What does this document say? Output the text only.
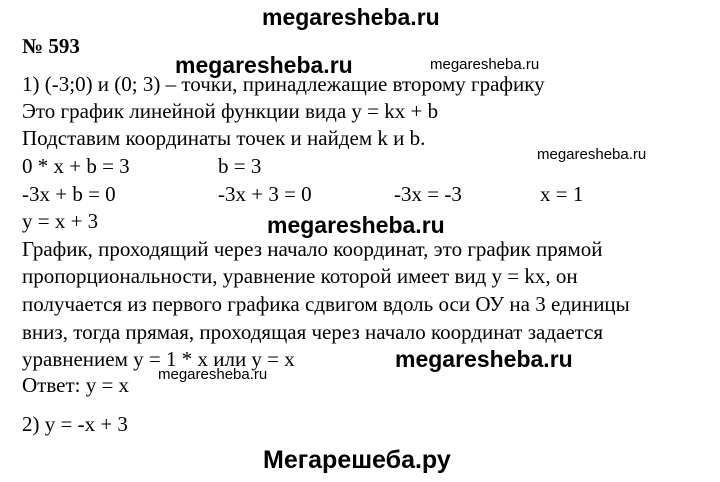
megaresheba.ru
№ 593
megaresheba.ru	megaresheba.ru
1) (-3;0) и (0; 3) – точки, принадлежащие второму графику
Это график линейной функции вида y = kx + b
Подставим координаты точек и найдем k и b.
megaresheba.ru
0 * x + b = 3	b = 3
-3x + b = 0	-3x + 3 = 0	-3x = -3	x = 1
y = x + 3	megaresheba.ru
График, проходящий через начало координат, это график прямой
пропорциональности, уравнение которой имеет вид y = kx, он
получается из первого графика сдвигом вдоль оси ОУ на 3 единицы
вниз, тогда прямая, проходящая через начало координат задается
уравнением y = 1 * x или y = x	megaresheba.ru
megaresheba.ru
Ответ: y = x
2) y = -x + 3
Мегарешеба.ру
